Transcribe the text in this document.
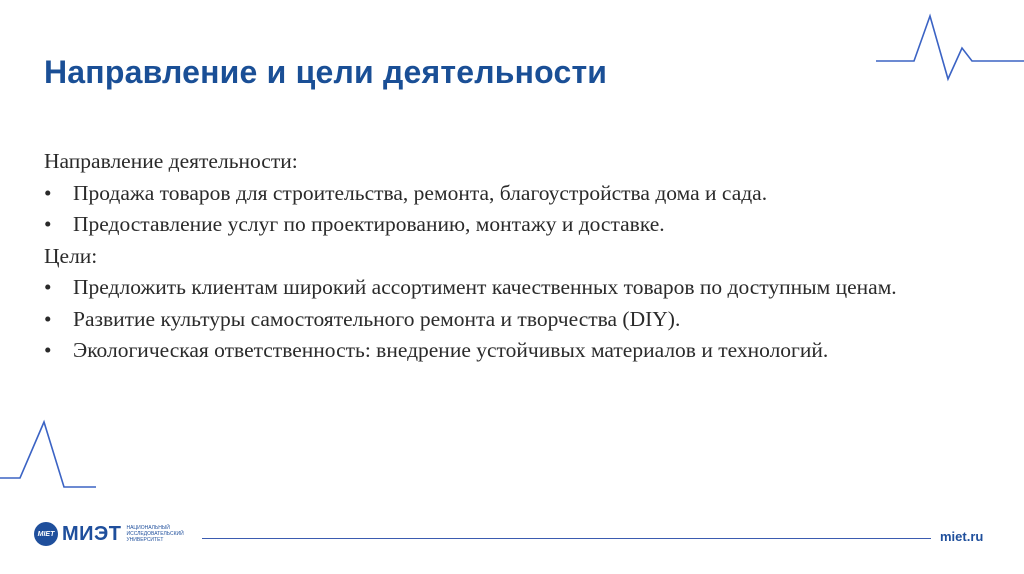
Направление и цели деятельности

Направление деятельности:

• Продажа товаров для строительства, ремонта, благоустройства дома и сада.
• Предоставление услуг по проектированию, монтажу и доставке.

Цели:

• Предложить клиентам широкий ассортимент качественных товаров по доступным ценам.
• Развитие культуры самостоятельного ремонта и творчества (DIY).
• Экологическая ответственность: внедрение устойчивых материалов и технологий.
MIET МИЭТ НАЦИОНАЛЬНЫЙ
ИССЛЕДОВАТЕЛЬСКИЙ
УНИВЕРСИТЕТ	miet.ru
